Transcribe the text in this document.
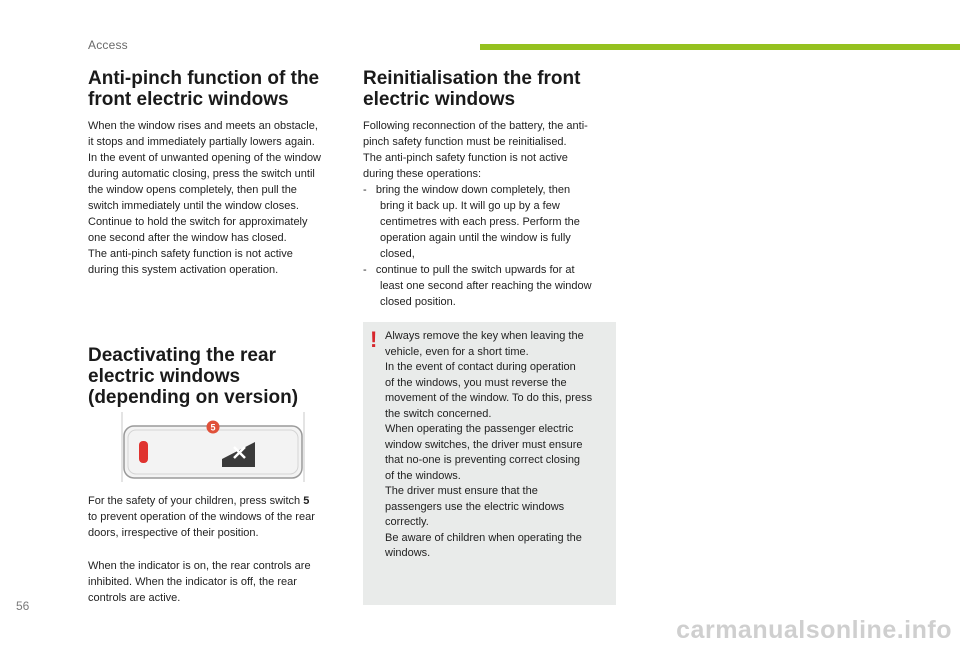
Access
Anti-pinch function of the
front electric windows

When the window rises and meets an obstacle,

it stops and immediately partially lowers again.

In the event of unwanted opening of the window

during automatic closing, press the switch until

the window opens completely, then pull the

switch immediately until the window closes.

Continue to hold the switch for approximately

one second after the window has closed.

The anti-pinch safety function is not active

during this system activation operation.

Deactivating the rear
electric windows
(depending on version)
5

For the safety of your children, press switch 5

to prevent operation of the windows of the rear

doors, irrespective of their position.

When the indicator is on, the rear controls are

inhibited. When the indicator is off, the rear

controls are active.

Reinitialisation the front
electric windows

Following reconnection of the battery, the anti-

pinch safety function must be reinitialised.

The anti-pinch safety function is not active

during these operations:

-   bring the window down completely, then

bring it back up. It will go up by a few

centimetres with each press. Perform the

operation again until the window is fully

closed,

-   continue to pull the switch upwards for at

least one second after reaching the window

closed position.

! Always remove the key when leaving the

vehicle, even for a short time.

In the event of contact during operation

of the windows, you must reverse the

movement of the window. To do this, press

the switch concerned.

When operating the passenger electric

window switches, the driver must ensure

that no-one is preventing correct closing

of the windows.

The driver must ensure that the

passengers use the electric windows

correctly.

Be aware of children when operating the

windows.

56
carmanualsonline.info
